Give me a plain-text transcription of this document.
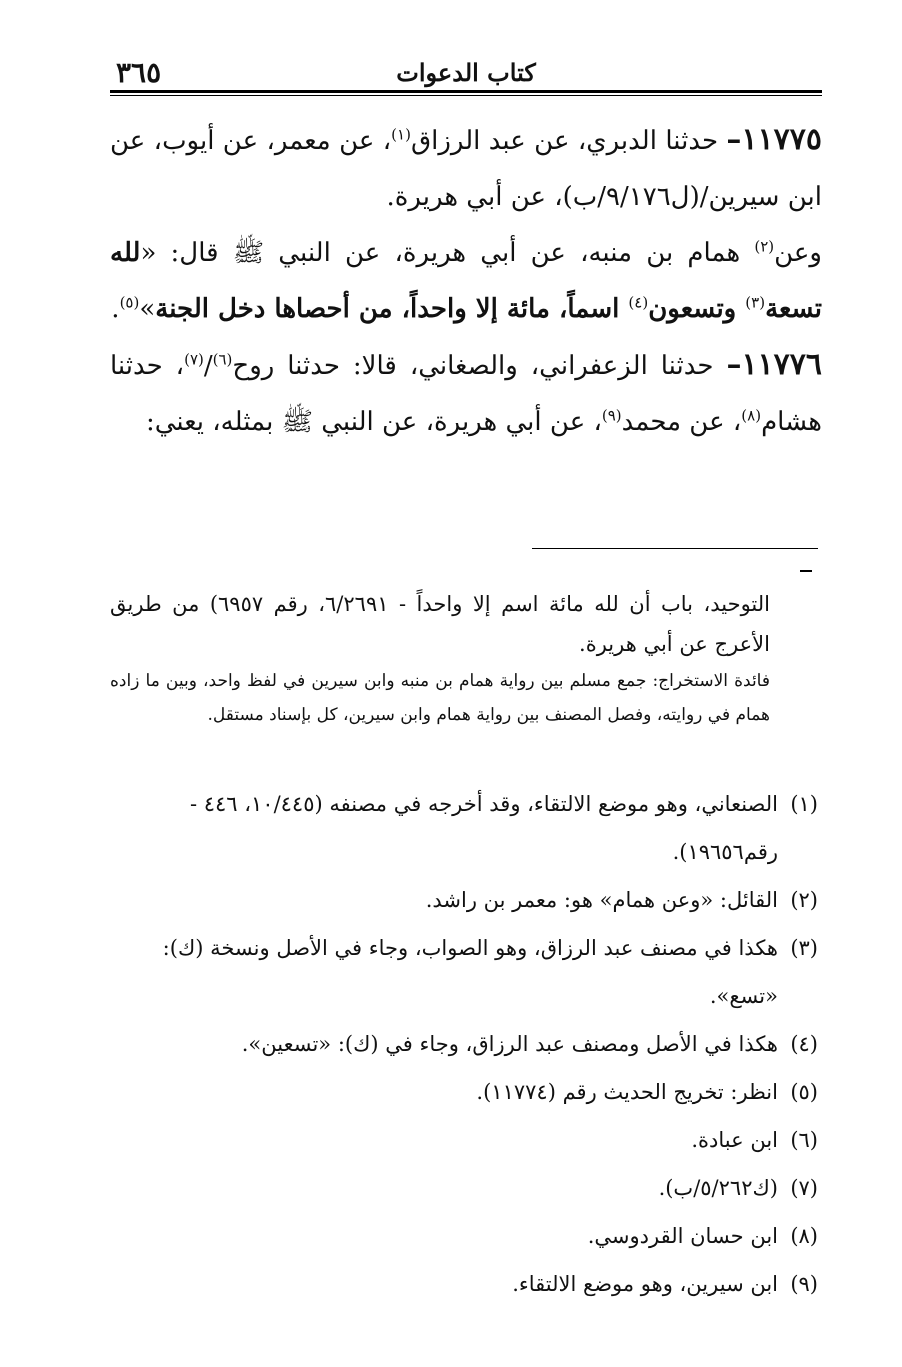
٣٦٥	كتاب الدعوات

١١٧٧٥– حدثنا الدبري، عن عبد الرزاق$^{(١)}$، عن معمر، عن أيوب، عن ابن سيرين/(ل٩/١٧٦/ب)، عن أبي هريرة.

وعن$^{(٢)}$ همام بن منبه، عن أبي هريرة، عن النبي ﷺ قال: «لله تسعة$^{(٣)}$ وتسعون$^{(٤)}$ اسماً، مائة إلا واحداً، من أحصاها دخل الجنة»$^{(٥)}$.

١١٧٧٦– حدثنا الزعفراني، والصغاني، قالا: حدثنا روح$^{(٦)}$/$^{(٧)}$، حدثنا هشام$^{(٨)}$، عن محمد$^{(٩)}$، عن أبي هريرة، عن النبي ﷺ بمثله، يعني:

التوحيد، باب أن لله مائة اسم إلا واحداً - ٦/٢٦٩١، رقم ٦٩٥٧) من طريق الأعرج عن أبي هريرة.

فائدة الاستخراج: جمع مسلم بين رواية همام بن منبه وابن سيرين في لفظ واحد، وبين ما زاده همام في روايته، وفصل المصنف بين رواية همام وابن سيرين، كل بإسناد مستقل.

(١)
الصنعاني، وهو موضع الالتقاء، وقد أخرجه في مصنفه (١٠/٤٤٥، ٤٤٦ - رقم١٩٦٥٦).
(٢)
القائل: «وعن همام» هو: معمر بن راشد.
(٣)
هكذا في مصنف عبد الرزاق، وهو الصواب، وجاء في الأصل ونسخة (ك): «تسع».
(٤)
هكذا في الأصل ومصنف عبد الرزاق، وجاء في (ك): «تسعين».
(٥)
انظر: تخريج الحديث رقم (١١٧٧٤).
(٦)
ابن عبادة.
(٧)
(ك٥/٢٦٢/ب).
(٨)
ابن حسان القردوسي.
(٩)
ابن سيرين، وهو موضع الالتقاء.
